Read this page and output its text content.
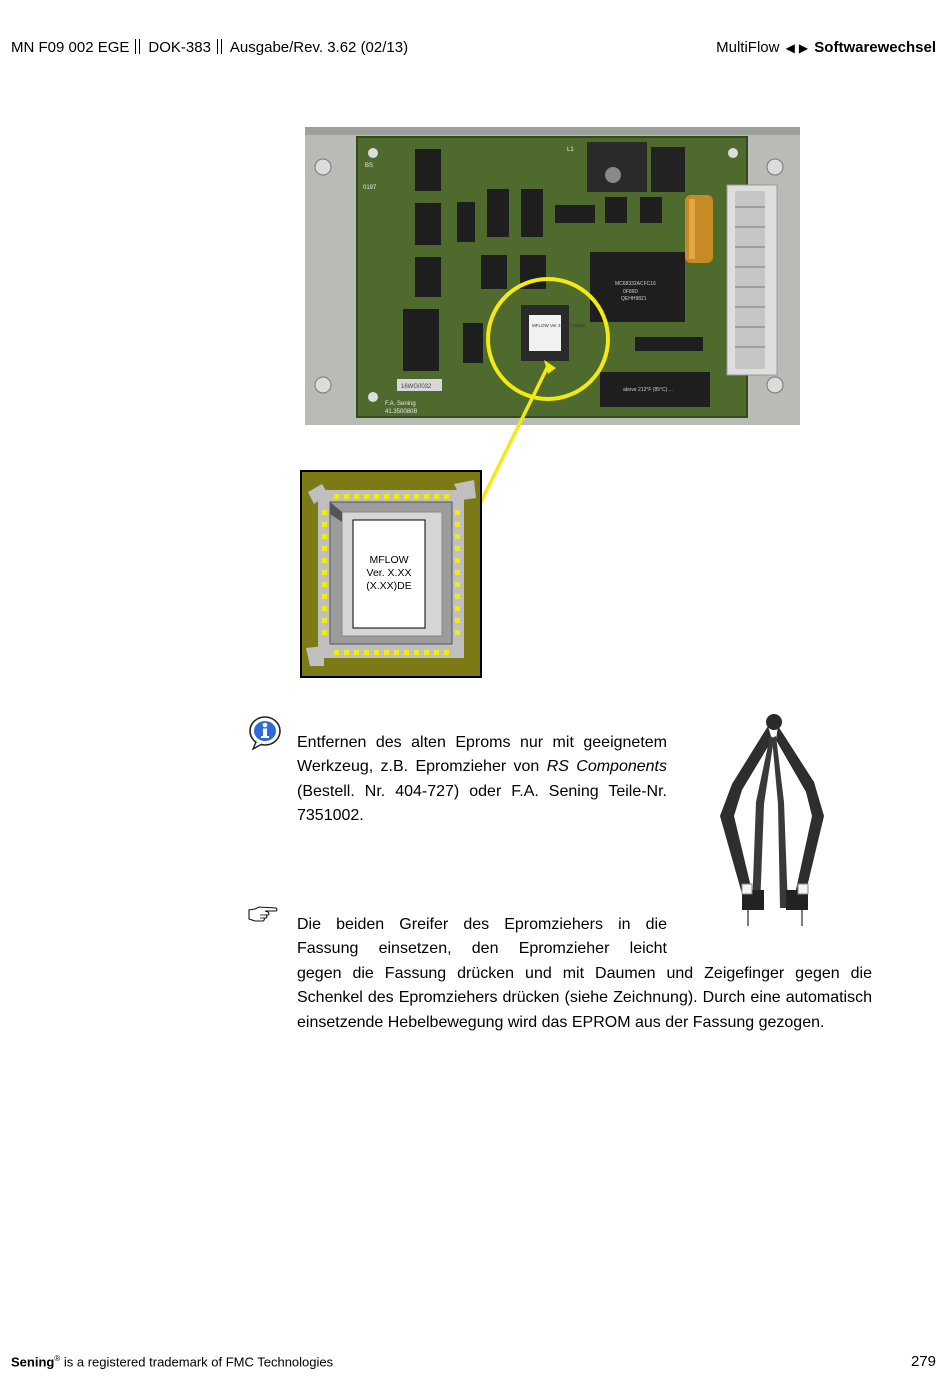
MN F09 002 EGE DOK-383 Ausgabe/Rev. 3.62 (02/13)	MultiFlow ◀ ▶ Softwarewechsel
MC68332ACFC16
0F86D
QEHH9821
above 212°F (85°C) ...
BS
0197
L1
F.A. Sening
41.350080B
16WG0032
MFLOW Ver 3.20 (3.20)DE
MFLOW
Ver. X.XX
(X.XX)DE
Entfernen des alten Eproms nur mit geeignetem Werkzeug, z.B. Epromzieher von RS Components (Bestell. Nr. 404-727) oder F.A. Sening Teile-Nr. 7351002.
Die beiden Greifer des Epromziehers in die Fassung einsetzen, den Epromzieher leicht
gegen die Fassung drücken und mit Daumen und Zeigefinger gegen die Schenkel des Epromziehers drücken (siehe Zeichnung). Durch eine automatisch einsetzende Hebelbewegung wird das EPROM aus der Fassung gezogen.
Sening® is a registered trademark of FMC Technologies	279
